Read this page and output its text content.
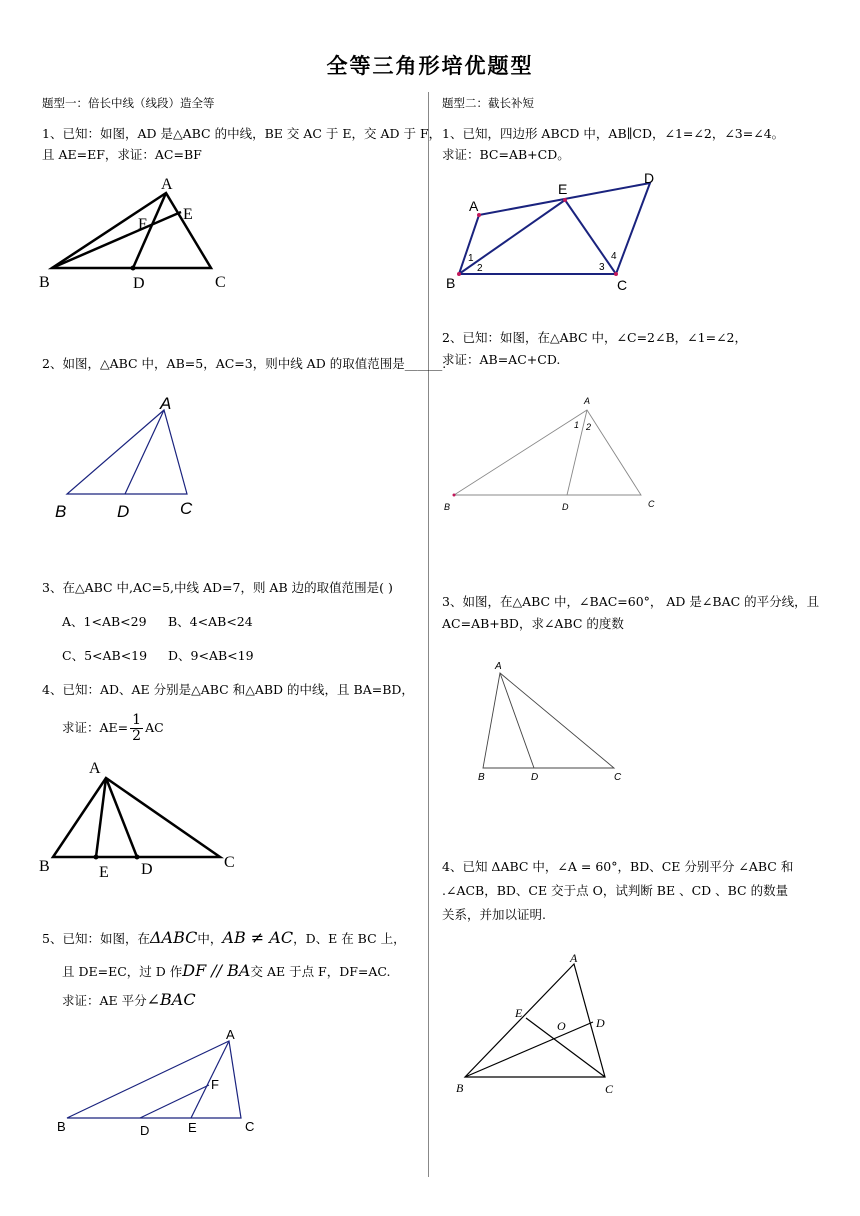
全等三角形培优题型
题型一：倍长中线（线段）造全等
1、已知：如图，AD 是△ABC 的中线，BE 交 AC 于 E，交 AD 于 F，
且 AE=EF，求证：AC=BF
A
F
E
B	D	C
2、如图，△ABC 中，AB=5，AC=3，则中线 AD 的取值范围是______.
A
B	D	C
3、在△ABC 中,AC=5,中线 AD=7，则 AB 边的取值范围是( )
A、1<AB<29 B、4<AB<24
C、5<AB<19 D、9<AB<19
4、已知：AD、AE 分别是△ABC 和△ABD 的中线，且 BA=BD，
求证：$AE= \frac{1}{2}$ AC
A
B	E D	C
5、已知：如图，在ΔABC中，AB ≠ AC，D、E 在 BC 上，
且 DE=EC，过 D 作DF // BA交 AE 于点 F，DF=AC.
求证：AE 平分∠BAC
A
F
B	D	E	C
题型二：截长补短
1、已知，四边形 ABCD 中，AB∥CD，∠1=∠2，∠3=∠4。
求证：BC=AB+CD。
A
E
D
B	C
1
2	3
4
2、已知：如图，在△ABC 中，∠C=2∠B，∠1=∠2，
求证：AB=AC+CD.
A
1 2
B	D	C
3、如图，在△ABC 中，∠BAC=60°， AD 是∠BAC 的平分线，且
AC=AB+BD，求∠ABC 的度数
A
B	D	C
4、已知 ΔABC 中，∠A = 60°，BD、CE 分别平分 ∠ABC 和
.∠ACB，BD、CE 交于点 O，试判断 BE 、CD 、BC 的数量
关系，并加以证明.
A
E
O	D
B	C
